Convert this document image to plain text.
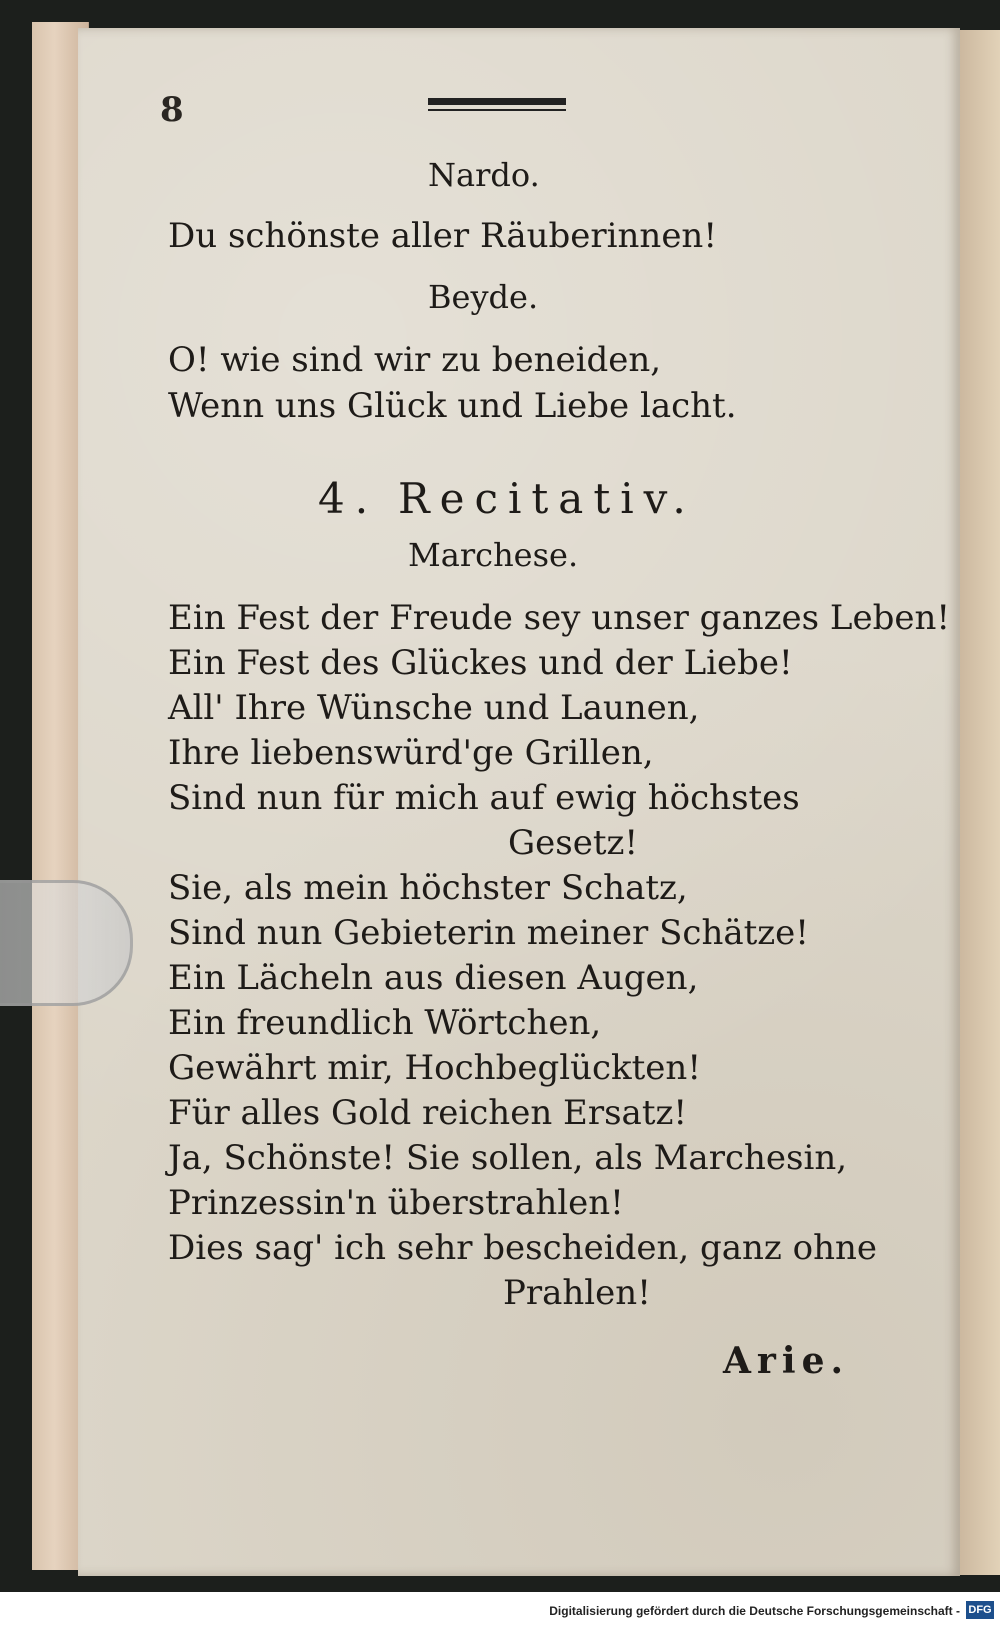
8
Nardo.
Du schönste aller Räuberinnen!
Beyde.
O! wie sind wir zu beneiden,
Wenn uns Glück und Liebe lacht.
4. Recitativ.
Marchese.
Ein Fest der Freude sey unser ganzes Leben!
Ein Fest des Glückes und der Liebe!
All' Ihre Wünsche und Launen,
Ihre liebenswürd'ge Grillen,
Sind nun für mich auf ewig höchstes
Gesetz!
Sie, als mein höchster Schatz,
Sind nun Gebieterin meiner Schätze!
Ein Lächeln aus diesen Augen,
Ein freundlich Wörtchen,
Gewährt mir, Hochbeglückten!
Für alles Gold reichen Ersatz!
Ja, Schönste! Sie sollen, als Marchesin,
Prinzessin'n überstrahlen!
Dies sag' ich sehr bescheiden, ganz ohne
Prahlen!
Arie.
Digitalisierung gefördert durch die Deutsche Forschungsgemeinschaft - DFG
